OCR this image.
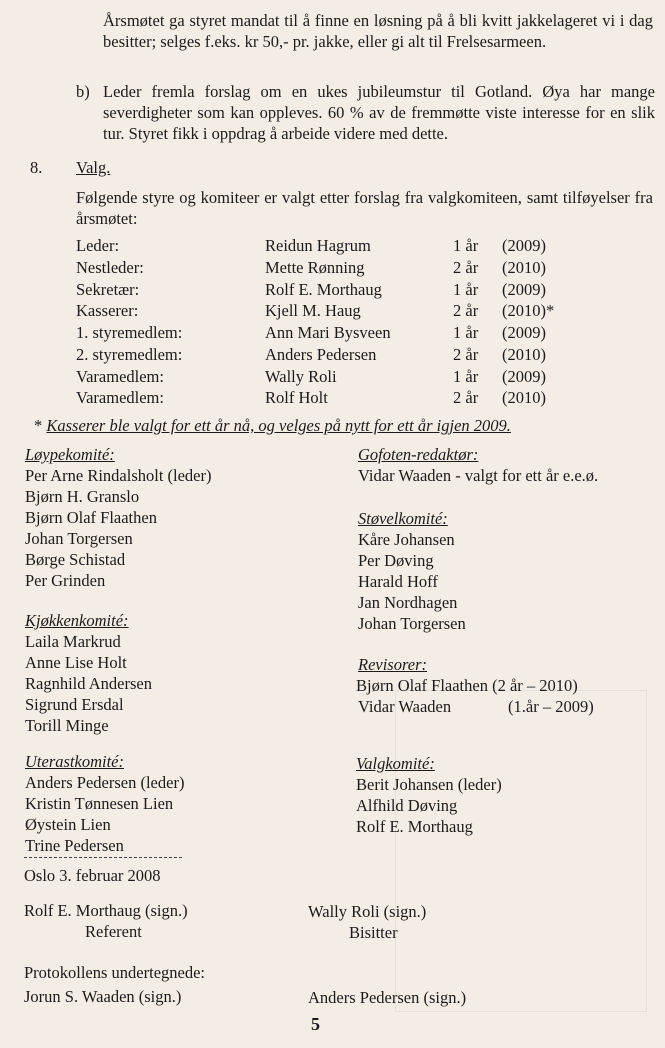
Årsmøtet ga styret mandat til å finne en løsning på å bli kvitt jakkelageret vi i dag besitter; selges f.eks. kr 50,- pr. jakke, eller gi alt til Frelsesarmeen.
b) Leder fremla forslag om en ukes jubileumstur til Gotland. Øya har mange severdigheter som kan oppleves. 60 % av de fremmøtte viste interesse for en slik tur. Styret fikk i oppdrag å arbeide videre med dette.
8. Valg.
Følgende styre og komiteer er valgt etter forslag fra valgkomiteen, samt tilføyelser fra årsmøtet:
Leder:	Reidun Hagrum	1 år (2009)
Nestleder:	Mette Rønning	2 år (2010)
Sekretær:	Rolf E. Morthaug	1 år (2009)
Kasserer:	Kjell M. Haug	2 år (2010)*
1. styremedlem:	Ann Mari Bysveen	1 år (2009)
2. styremedlem:	Anders Pedersen	2 år (2010)
Varamedlem:	Wally Roli	1 år (2009)
Varamedlem:	Rolf Holt	2 år (2010)
* Kasserer ble valgt for ett år nå, og velges på nytt for ett år igjen 2009.
Løypekomité:
Per Arne Rindalsholt (leder)
Bjørn H. Granslo
Bjørn Olaf Flaathen
Johan Torgersen
Børge Schistad
Per Grinden
Gofoten-redaktør:
Vidar Waaden - valgt for ett år e.e.ø.
Støvelkomité:
Kåre Johansen
Per Døving
Harald Hoff
Jan Nordhagen
Johan Torgersen
Kjøkkenkomité:
Laila Markrud
Anne Lise Holt
Ragnhild Andersen
Sigrund Ersdal
Torill Minge
Revisorer:
Bjørn Olaf Flaathen (2 år – 2010)
Vidar Waaden	(1.år – 2009)
Uterastkomité:
Anders Pedersen (leder)
Kristin Tønnesen Lien
Øystein Lien
Trine Pedersen
Valgkomité:
Berit Johansen (leder)
Alfhild Døving
Rolf E. Morthaug
Oslo 3. februar 2008
Rolf E. Morthaug (sign.)
Referent
Wally Roli (sign.)
Bisitter
Protokollens undertegnede:
Jorun S. Waaden (sign.)	Anders Pedersen (sign.)
5
